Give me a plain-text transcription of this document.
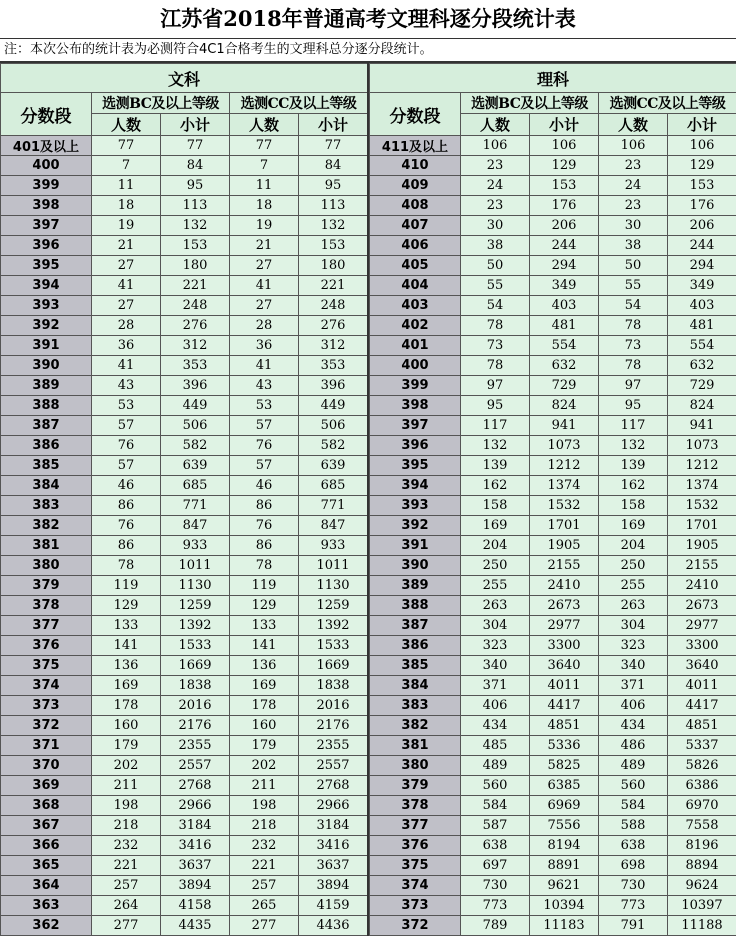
江苏省2018年普通高考文理科逐分段统计表
注：本次公布的统计表为必测符合4C1合格考生的文理科总分逐分段统计。
文科				
分数段	选测BC及以上等级		选测CC及以上等级	
	人数	小计	人数	小计
401及以上	77	77	77	77
400	7	84	7	84
399	11	95	11	95
398	18	113	18	113
397	19	132	19	132
396	21	153	21	153
395	27	180	27	180
394	41	221	41	221
393	27	248	27	248
392	28	276	28	276
391	36	312	36	312
390	41	353	41	353
389	43	396	43	396
388	53	449	53	449
387	57	506	57	506
386	76	582	76	582
385	57	639	57	639
384	46	685	46	685
383	86	771	86	771
382	76	847	76	847
381	86	933	86	933
380	78	1011	78	1011
379	119	1130	119	1130
378	129	1259	129	1259
377	133	1392	133	1392
376	141	1533	141	1533
375	136	1669	136	1669
374	169	1838	169	1838
373	178	2016	178	2016
372	160	2176	160	2176
371	179	2355	179	2355
370	202	2557	202	2557
369	211	2768	211	2768
368	198	2966	198	2966
367	218	3184	218	3184
366	232	3416	232	3416
365	221	3637	221	3637
364	257	3894	257	3894
363	264	4158	265	4159
362	277	4435	277	4436
理科				
分数段	选测BC及以上等级		选测CC及以上等级	
	人数	小计	人数	小计
411及以上	106	106	106	106
410	23	129	23	129
409	24	153	24	153
408	23	176	23	176
407	30	206	30	206
406	38	244	38	244
405	50	294	50	294
404	55	349	55	349
403	54	403	54	403
402	78	481	78	481
401	73	554	73	554
400	78	632	78	632
399	97	729	97	729
398	95	824	95	824
397	117	941	117	941
396	132	1073	132	1073
395	139	1212	139	1212
394	162	1374	162	1374
393	158	1532	158	1532
392	169	1701	169	1701
391	204	1905	204	1905
390	250	2155	250	2155
389	255	2410	255	2410
388	263	2673	263	2673
387	304	2977	304	2977
386	323	3300	323	3300
385	340	3640	340	3640
384	371	4011	371	4011
383	406	4417	406	4417
382	434	4851	434	4851
381	485	5336	486	5337
380	489	5825	489	5826
379	560	6385	560	6386
378	584	6969	584	6970
377	587	7556	588	7558
376	638	8194	638	8196
375	697	8891	698	8894
374	730	9621	730	9624
373	773	10394	773	10397
372	789	11183	791	11188
